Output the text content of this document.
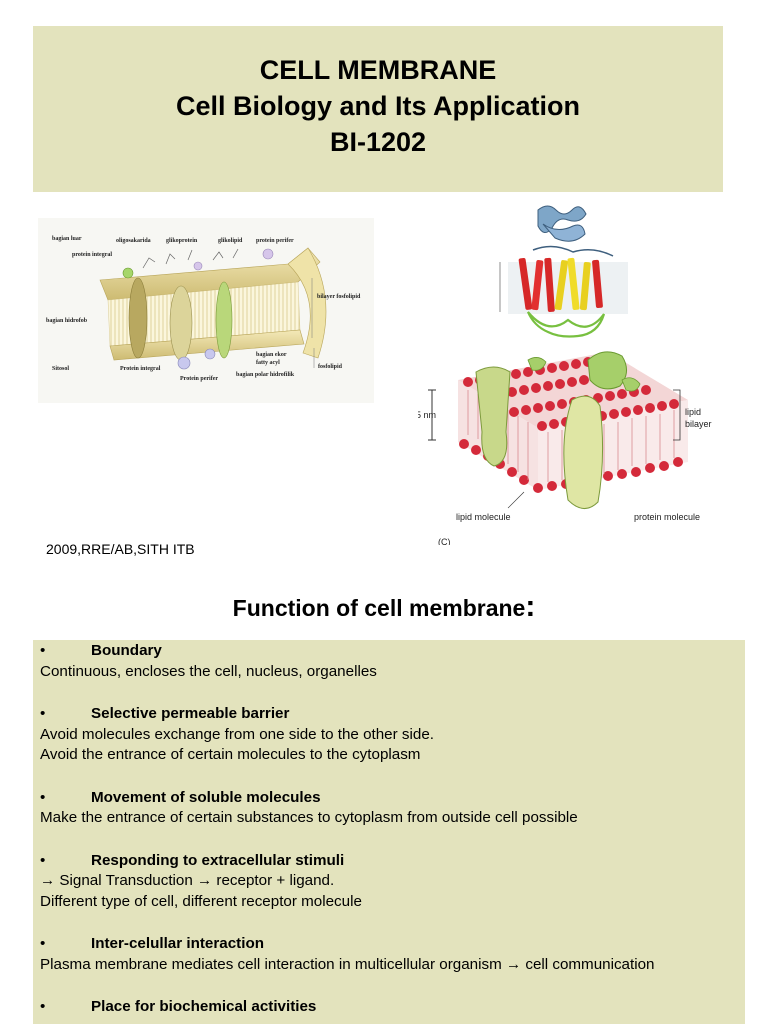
CELL MEMBRANE
Cell Biology and Its Application
BI-1202
bagian luar	oligosakarida	glikoprotein	glikolipid protein perifer
protein integral
bilayer fosfolipid
bagian hidrofob
Sitosol	Protein integral
Protein perifer
bagian ekor
fatty acyl
fosfolipid
bagian polar hidrofilik
5 nm	lipid
bilayer
lipid molecule	protein molecule
(C)
2009,RRE/AB,SITH ITB
Function of cell membrane:
•	Boundary
Continuous, encloses the cell, nucleus, organelles
•	Selective permeable barrier
Avoid molecules exchange from one side to the other side.
Avoid the entrance of certain molecules to the cytoplasm
•	Movement of soluble molecules
Make the entrance of certain substances to cytoplasm from outside cell possible
•	Responding to extracellular stimuli
→ Signal Transduction → receptor + ligand.
Different type of cell, different receptor molecule
•	Inter-celullar interaction
Plasma membrane mediates cell interaction in multicellular organism → cell communication
•	Place for biochemical activities
